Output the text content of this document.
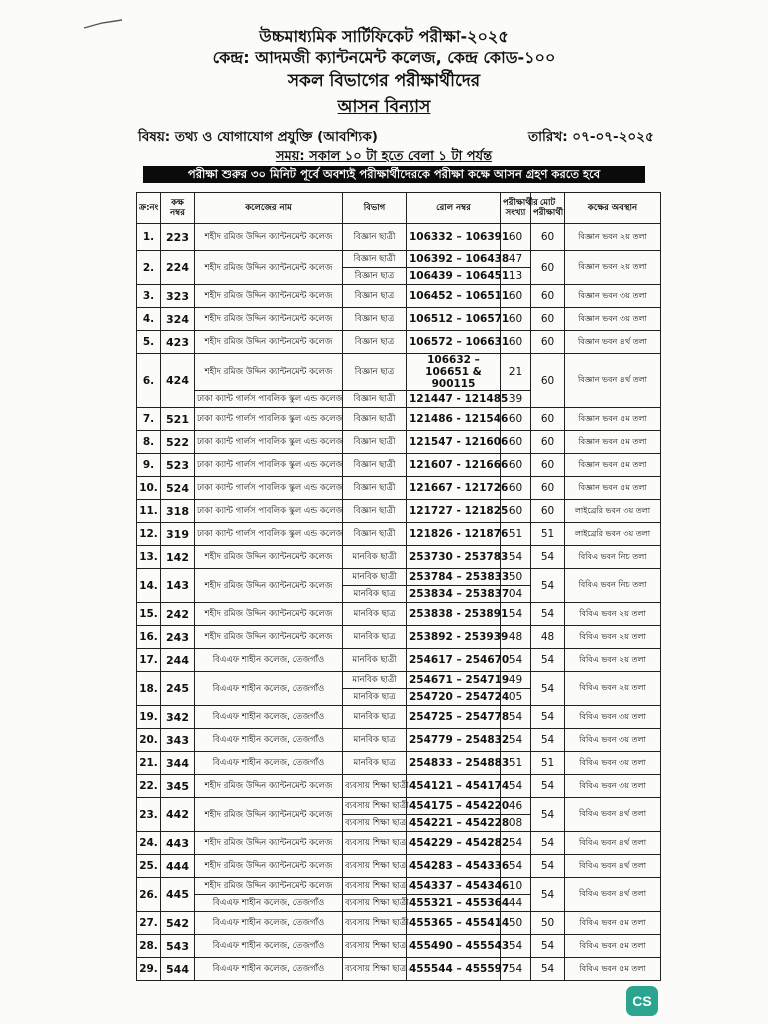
উচ্চমাধ্যমিক সার্টিফিকেট পরীক্ষা-২০২৫
কেন্দ্র: আদমজী ক্যান্টনমেন্ট কলেজ, কেন্দ্র কোড-১০০
সকল বিভাগের পরীক্ষার্থীদের
আসন বিন্যাস
বিষয়: তথ্য ও যোগাযোগ প্রযুক্তি (আবশ্যিক)	তারিখ: ০৭-০৭-২০২৫
সময়: সকাল ১০ টা হতে বেলা ১ টা পর্যন্ত
পরীক্ষা শুরুর ৩০ মিনিট পূর্বে অবশ্যই পরীক্ষার্থীদেরকে পরীক্ষা কক্ষে আসন গ্রহণ করতে হবে
ক্র:নং	কক্ষ নম্বর	কলেজের নাম	বিভাগ	রোল নম্বর	পরীক্ষার্থীর সংখ্যা	মোট পরীক্ষার্থী	কক্ষের অবস্থান
1.	223	শহীদ রমিজ উদ্দিন ক্যান্টনমেন্ট কলেজ	বিজ্ঞান ছাত্রী	106332 – 106391	60	60	বিজ্ঞান ভবন ২য় তলা
2.	224	শহীদ রমিজ উদ্দিন ক্যান্টনমেন্ট কলেজ	বিজ্ঞান ছাত্রী	106392 – 106438	47	60	বিজ্ঞান ভবন ২য় তলা
			বিজ্ঞান ছাত্র	106439 – 106451	13		
3.	323	শহীদ রমিজ উদ্দিন ক্যান্টনমেন্ট কলেজ	বিজ্ঞান ছাত্র	106452 – 106511	60	60	বিজ্ঞান ভবন ৩য় তলা
4.	324	শহীদ রমিজ উদ্দিন ক্যান্টনমেন্ট কলেজ	বিজ্ঞান ছাত্র	106512 – 106571	60	60	বিজ্ঞান ভবন ৩য় তলা
5.	423	শহীদ রমিজ উদ্দিন ক্যান্টনমেন্ট কলেজ	বিজ্ঞান ছাত্র	106572 – 106631	60	60	বিজ্ঞান ভবন ৪র্থ তলা
6.	424	শহীদ রমিজ উদ্দিন ক্যান্টনমেন্ট কলেজ	বিজ্ঞান ছাত্র	106632 – 106651 & 900115	21	60	বিজ্ঞান ভবন ৪র্থ তলা
		ঢাকা ক্যান্ট গার্লস পাবলিক স্কুল এন্ড কলেজ	বিজ্ঞান ছাত্রী	121447 - 121485	39		
7.	521	ঢাকা ক্যান্ট গার্লস পাবলিক স্কুল এন্ড কলেজ	বিজ্ঞান ছাত্রী	121486 - 121546	60	60	বিজ্ঞান ভবন ৫ম তলা
8.	522	ঢাকা ক্যান্ট গার্লস পাবলিক স্কুল এন্ড কলেজ	বিজ্ঞান ছাত্রী	121547 - 121606	60	60	বিজ্ঞান ভবন ৫ম তলা
9.	523	ঢাকা ক্যান্ট গার্লস পাবলিক স্কুল এন্ড কলেজ	বিজ্ঞান ছাত্রী	121607 - 121666	60	60	বিজ্ঞান ভবন ৫ম তলা
10.	524	ঢাকা ক্যান্ট গার্লস পাবলিক স্কুল এন্ড কলেজ	বিজ্ঞান ছাত্রী	121667 - 121726	60	60	বিজ্ঞান ভবন ৫ম তলা
11.	318	ঢাকা ক্যান্ট গার্লস পাবলিক স্কুল এন্ড কলেজ	বিজ্ঞান ছাত্রী	121727 - 121825	60	60	লাইব্রেরি ভবন ৩য় তলা
12.	319	ঢাকা ক্যান্ট গার্লস পাবলিক স্কুল এন্ড কলেজ	বিজ্ঞান ছাত্রী	121826 - 121876	51	51	লাইব্রেরি ভবন ৩য় তলা
13.	142	শহীদ রমিজ উদ্দিন ক্যান্টনমেন্ট কলেজ	মানবিক ছাত্রী	253730 - 253783	54	54	বিবিএ ভবন নিচ তলা
14.	143	শহীদ রমিজ উদ্দিন ক্যান্টনমেন্ট কলেজ	মানবিক ছাত্রী	253784 – 253833	50	54	বিবিএ ভবন নিচ তলা
			মানবিক ছাত্র	253834 – 253837	04		
15.	242	শহীদ রমিজ উদ্দিন ক্যান্টনমেন্ট কলেজ	মানবিক ছাত্র	253838 - 253891	54	54	বিবিএ ভবন ২য় তলা
16.	243	শহীদ রমিজ উদ্দিন ক্যান্টনমেন্ট কলেজ	মানবিক ছাত্র	253892 - 253939	48	48	বিবিএ ভবন ২য় তলা
17.	244	বিএএফ শাহীন কলেজ, তেজগাঁও	মানবিক ছাত্রী	254617 – 254670	54	54	বিবিএ ভবন ২য় তলা
18.	245	বিএএফ শাহীন কলেজ, তেজগাঁও	মানবিক ছাত্রী	254671 – 254719	49	54	বিবিএ ভবন ২য় তলা
			মানবিক ছাত্র	254720 – 254724	05		
19.	342	বিএএফ শাহীন কলেজ, তেজগাঁও	মানবিক ছাত্র	254725 – 254778	54	54	বিবিএ ভবন ৩য় তলা
20.	343	বিএএফ শাহীন কলেজ, তেজগাঁও	মানবিক ছাত্র	254779 – 254832	54	54	বিবিএ ভবন ৩য় তলা
21.	344	বিএএফ শাহীন কলেজ, তেজগাঁও	মানবিক ছাত্র	254833 – 254883	51	51	বিবিএ ভবন ৩য় তলা
22.	345	শহীদ রমিজ উদ্দিন ক্যান্টনমেন্ট কলেজ	ব্যবসায় শিক্ষা ছাত্রী	454121 – 454174	54	54	বিবিএ ভবন ৩য় তলা
23.	442	শহীদ রমিজ উদ্দিন ক্যান্টনমেন্ট কলেজ	ব্যবসায় শিক্ষা ছাত্রী	454175 – 454220	46	54	বিবিএ ভবন ৪র্থ তলা
			ব্যবসায় শিক্ষা ছাত্র	454221 – 454228	08		
24.	443	শহীদ রমিজ উদ্দিন ক্যান্টনমেন্ট কলেজ	ব্যবসায় শিক্ষা ছাত্র	454229 – 454282	54	54	বিবিএ ভবন ৪র্থ তলা
25.	444	শহীদ রমিজ উদ্দিন ক্যান্টনমেন্ট কলেজ	ব্যবসায় শিক্ষা ছাত্র	454283 – 454336	54	54	বিবিএ ভবন ৪র্থ তলা
26.	445	শহীদ রমিজ উদ্দিন ক্যান্টনমেন্ট কলেজ	ব্যবসায় শিক্ষা ছাত্র	454337 – 454346	10	54	বিবিএ ভবন ৪র্থ তলা
		বিএএফ শাহীন কলেজ, তেজগাঁও	ব্যবসায় শিক্ষা ছাত্রী	455321 – 455364	44		
27.	542	বিএএফ শাহীন কলেজ, তেজগাঁও	ব্যবসায় শিক্ষা ছাত্রী	455365 – 455414	50	50	বিবিএ ভবন ৫ম তলা
28.	543	বিএএফ শাহীন কলেজ, তেজগাঁও	ব্যবসায় শিক্ষা ছাত্র	455490 – 455543	54	54	বিবিএ ভবন ৫ম তলা
29.	544	বিএএফ শাহীন কলেজ, তেজগাঁও	ব্যবসায় শিক্ষা ছাত্র	455544 – 455597	54	54	বিবিএ ভবন ৫ম তলা
CS
